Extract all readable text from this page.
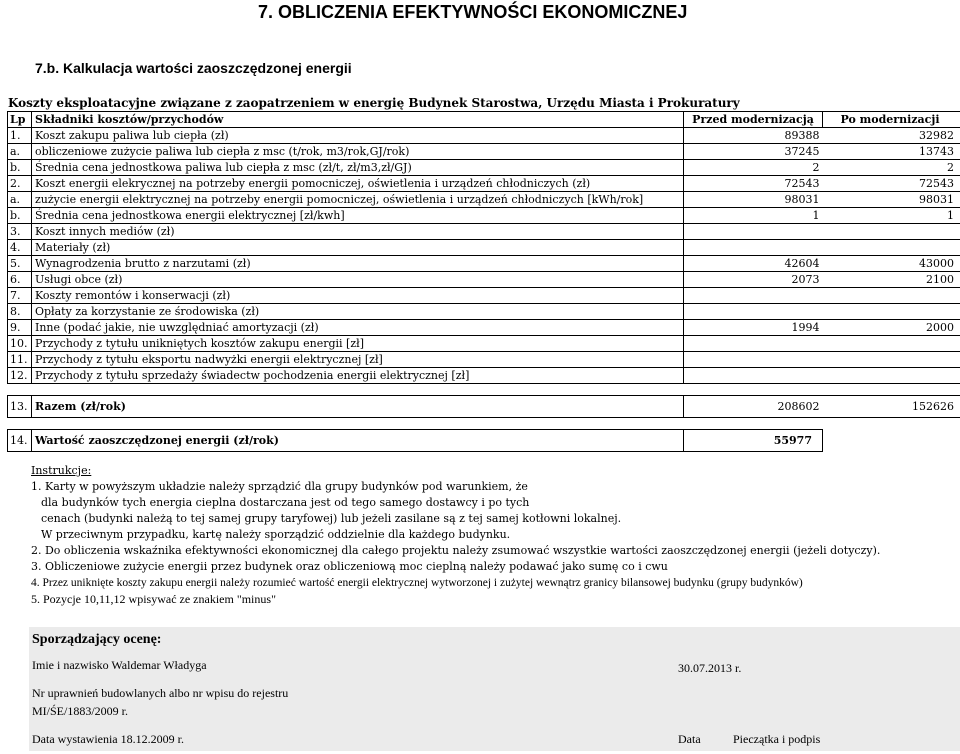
7. OBLICZENIA EFEKTYWNOŚCI EKONOMICZNEJ
7.b. Kalkulacja wartości zaoszczędzonej energii
Koszty eksploatacyjne związane z zaopatrzeniem w energię Budynek Starostwa, Urzędu Miasta i Prokuratury
Lp	Składniki kosztów/przychodów	Przed modernizacją	Po modernizacji
1.	Koszt zakupu paliwa lub ciepła (zł)	89388	32982
a.	obliczeniowe zużycie paliwa lub ciepła z msc (t/rok, m3/rok,GJ/rok)	37245	13743
b.	Średnia cena jednostkowa paliwa lub ciepła z msc (zł/t, zł/m3,zł/GJ)	2	2
2.	Koszt energii elekrycznej na potrzeby energii pomocniczej, oświetlenia i urządzeń chłodniczych (zł)	72543	72543
a.	zużycie energii elektrycznej na potrzeby energii pomocniczej, oświetlenia i urządzeń chłodniczych [kWh/rok]	98031	98031
b.	Średnia cena jednostkowa energii elektrycznej [zł/kwh]	1	1
3.	Koszt innych mediów (zł)		
4.	Materiały (zł)		
5.	Wynagrodzenia brutto z narzutami (zł)	42604	43000
6.	Usługi obce (zł)	2073	2100
7.	Koszty remontów i konserwacji (zł)		
8.	Opłaty za korzystanie ze środowiska (zł)		
9.	Inne (podać jakie, nie uwzględniać amortyzacji (zł)	1994	2000
10.	Przychody z tytułu unikniętych kosztów zakupu energii [zł]		
11.	Przychody z tytułu eksportu nadwyżki energii elektrycznej [zł]		
12.	Przychody z tytułu sprzedaży świadectw pochodzenia energii elektrycznej [zł]		

13.	Razem (zł/rok)	208602	152626

14.	Wartość zaoszczędzonej energii (zł/rok)	55977	
Instrukcje:
1. Karty w powyższym układzie należy sprządzić dla grupy budynków pod warunkiem, że
dla budynków tych energia cieplna dostarczana jest od tego samego dostawcy i po tych
cenach (budynki należą to tej samej grupy taryfowej) lub jeżeli zasilane są z tej samej kotłowni lokalnej.
W przeciwnym przypadku, kartę należy sporządzić oddzielnie dla każdego budynku.
2. Do obliczenia wskaźnika efektywności ekonomicznej dla całego projektu należy zsumować wszystkie wartości zaoszczędzonej energii (jeżeli dotyczy).
3. Obliczeniowe zużycie energii przez budynek oraz obliczeniową moc cieplną należy podawać jako sumę co i cwu
4. Przez uniknięte koszty zakupu energii należy rozumieć wartość energii elektrycznej wytworzonej i zużytej wewnątrz granicy bilansowej budynku (grupy budynków)
5. Pozycje 10,11,12 wpisywać ze znakiem "minus"
Sporządzający ocenę:
Imie i nazwisko Waldemar Władyga
Nr uprawnień budowlanych albo nr wpisu do rejestru
MI/ŚE/1883/2009 r.
Data wystawienia 18.12.2009 r.
30.07.2013 r.
Data	Pieczątka i podpis
